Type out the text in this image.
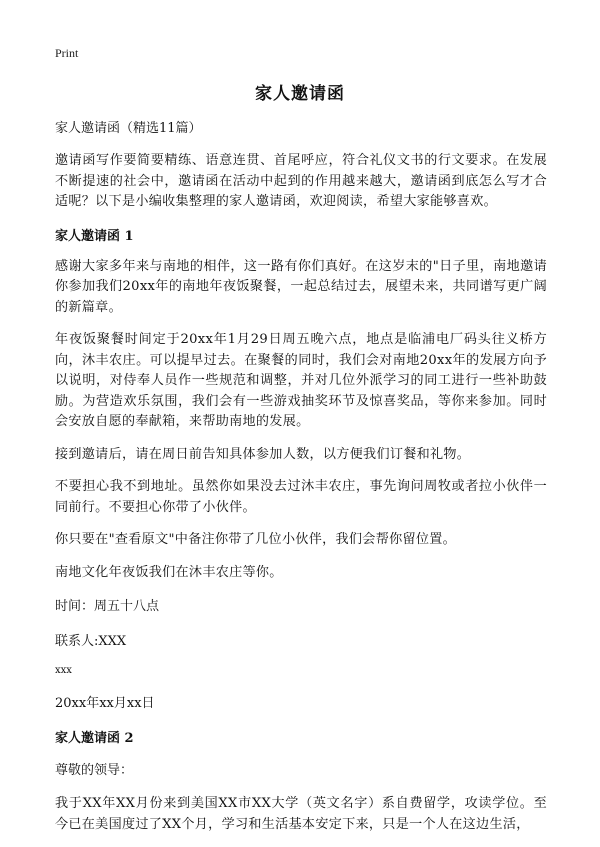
Print
家人邀请函
家人邀请函（精选11篇）

邀请函写作要简要精练、语意连贯、首尾呼应，符合礼仪文书的行文要求。在发展不断提速的社会中，邀请函在活动中起到的作用越来越大，邀请函到底怎么写才合适呢？以下是小编收集整理的家人邀请函，欢迎阅读，希望大家能够喜欢。

家人邀请函 1

感谢大家多年来与南地的相伴，这一路有你们真好。在这岁末的"日子里，南地邀请你参加我们20xx年的南地年夜饭聚餐，一起总结过去，展望未来，共同谱写更广阔的新篇章。

年夜饭聚餐时间定于20xx年1月29日周五晚六点，地点是临浦电厂码头往义桥方向，沐丰农庄。可以提早过去。在聚餐的同时，我们会对南地20xx年的发展方向予以说明，对侍奉人员作一些规范和调整，并对几位外派学习的同工进行一些补助鼓励。为营造欢乐氛围，我们会有一些游戏抽奖环节及惊喜奖品，等你来参加。同时会安放自愿的奉献箱，来帮助南地的发展。

接到邀请后，请在周日前告知具体参加人数，以方便我们订餐和礼物。

不要担心我不到地址。虽然你如果没去过沐丰农庄，事先询问周牧或者拉小伙伴一同前行。不要担心你带了小伙伴。

你只要在"查看原文"中备注你带了几位小伙伴，我们会帮你留位置。

南地文化年夜饭我们在沐丰农庄等你。

时间：周五十八点
联系人:XXX
xxx
20xx年xx月xx日
家人邀请函 2
尊敬的领导：

我于XX年XX月份来到美国XX市XX大学（英文名字）系自费留学，攻读学位。至今已在美国度过了XX个月，学习和生活基本安定下来，只是一个人在这边生活，
